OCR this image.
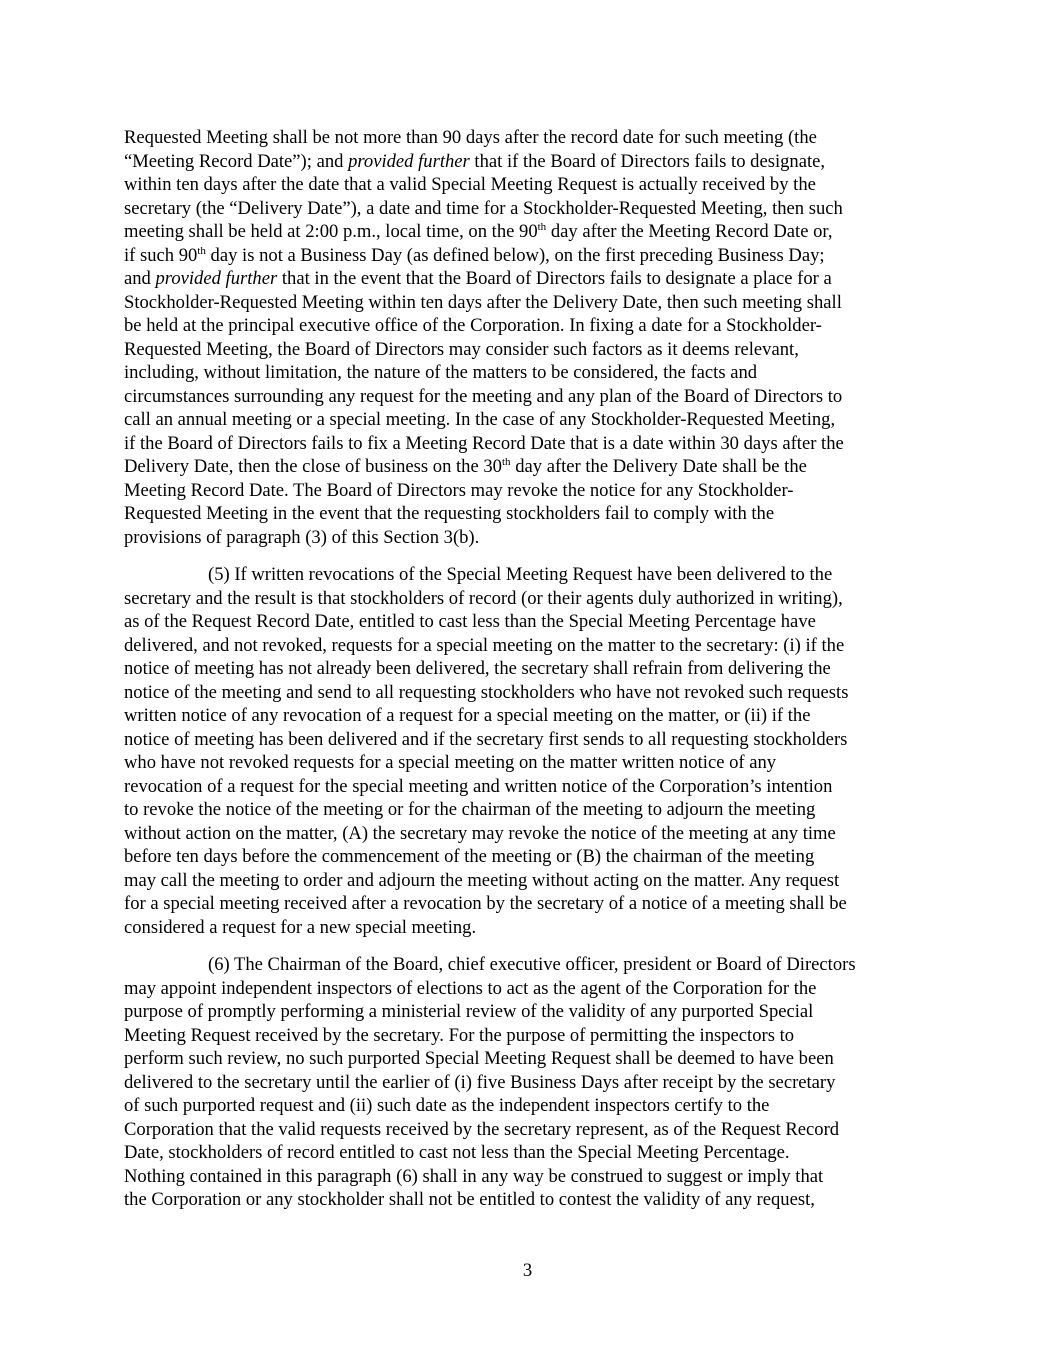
Requested Meeting shall be not more than 90 days after the record date for such meeting (the
“Meeting Record Date”); and provided further that if the Board of Directors fails to designate,
within ten days after the date that a valid Special Meeting Request is actually received by the
secretary (the “Delivery Date”), a date and time for a Stockholder-Requested Meeting, then such
meeting shall be held at 2:00 p.m., local time, on the 90th day after the Meeting Record Date or,
if such 90th day is not a Business Day (as defined below), on the first preceding Business Day;
and provided further that in the event that the Board of Directors fails to designate a place for a
Stockholder-Requested Meeting within ten days after the Delivery Date, then such meeting shall
be held at the principal executive office of the Corporation. In fixing a date for a Stockholder-
Requested Meeting, the Board of Directors may consider such factors as it deems relevant,
including, without limitation, the nature of the matters to be considered, the facts and
circumstances surrounding any request for the meeting and any plan of the Board of Directors to
call an annual meeting or a special meeting. In the case of any Stockholder-Requested Meeting,
if the Board of Directors fails to fix a Meeting Record Date that is a date within 30 days after the
Delivery Date, then the close of business on the 30th day after the Delivery Date shall be the
Meeting Record Date. The Board of Directors may revoke the notice for any Stockholder-
Requested Meeting in the event that the requesting stockholders fail to comply with the
provisions of paragraph (3) of this Section 3(b).
(5) If written revocations of the Special Meeting Request have been delivered to the
secretary and the result is that stockholders of record (or their agents duly authorized in writing),
as of the Request Record Date, entitled to cast less than the Special Meeting Percentage have
delivered, and not revoked, requests for a special meeting on the matter to the secretary: (i) if the
notice of meeting has not already been delivered, the secretary shall refrain from delivering the
notice of the meeting and send to all requesting stockholders who have not revoked such requests
written notice of any revocation of a request for a special meeting on the matter, or (ii) if the
notice of meeting has been delivered and if the secretary first sends to all requesting stockholders
who have not revoked requests for a special meeting on the matter written notice of any
revocation of a request for the special meeting and written notice of the Corporation’s intention
to revoke the notice of the meeting or for the chairman of the meeting to adjourn the meeting
without action on the matter, (A) the secretary may revoke the notice of the meeting at any time
before ten days before the commencement of the meeting or (B) the chairman of the meeting
may call the meeting to order and adjourn the meeting without acting on the matter. Any request
for a special meeting received after a revocation by the secretary of a notice of a meeting shall be
considered a request for a new special meeting.
(6) The Chairman of the Board, chief executive officer, president or Board of Directors
may appoint independent inspectors of elections to act as the agent of the Corporation for the
purpose of promptly performing a ministerial review of the validity of any purported Special
Meeting Request received by the secretary. For the purpose of permitting the inspectors to
perform such review, no such purported Special Meeting Request shall be deemed to have been
delivered to the secretary until the earlier of (i) five Business Days after receipt by the secretary
of such purported request and (ii) such date as the independent inspectors certify to the
Corporation that the valid requests received by the secretary represent, as of the Request Record
Date, stockholders of record entitled to cast not less than the Special Meeting Percentage.
Nothing contained in this paragraph (6) shall in any way be construed to suggest or imply that
the Corporation or any stockholder shall not be entitled to contest the validity of any request,
3
